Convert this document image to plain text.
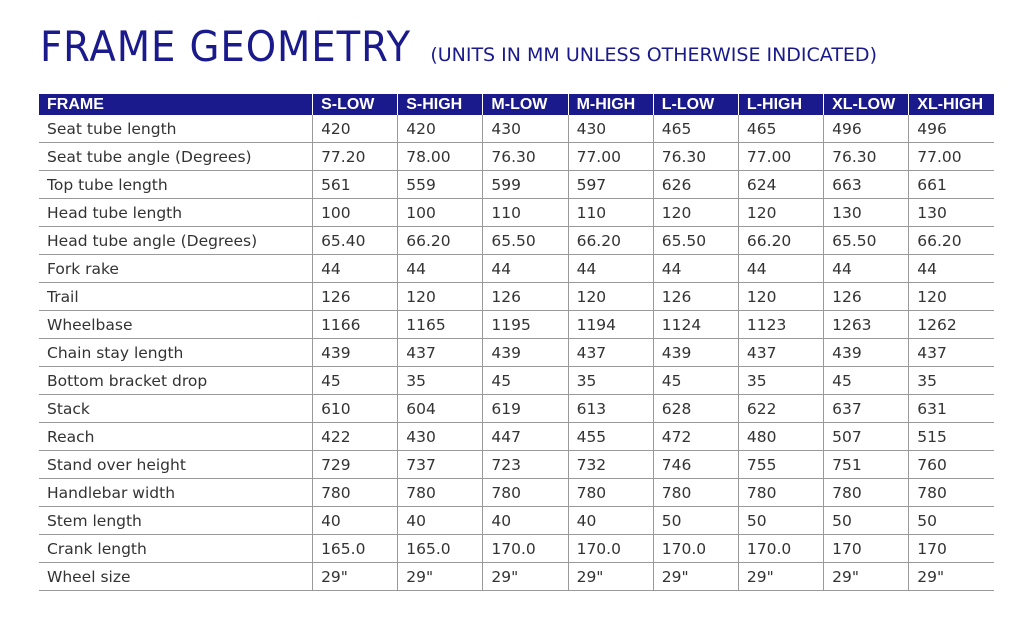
FRAME GEOMETRY (UNITS IN MM UNLESS OTHERWISE INDICATED)
FRAME	S-LOW	S-HIGH	M-LOW	M-HIGH	L-LOW	L-HIGH	XL-LOW	XL-HIGH
Seat tube length	420	420	430	430	465	465	496	496
Seat tube angle (Degrees)	77.20	78.00	76.30	77.00	76.30	77.00	76.30	77.00
Top tube length	561	559	599	597	626	624	663	661
Head tube length	100	100	110	110	120	120	130	130
Head tube angle (Degrees)	65.40	66.20	65.50	66.20	65.50	66.20	65.50	66.20
Fork rake	44	44	44	44	44	44	44	44
Trail	126	120	126	120	126	120	126	120
Wheelbase	1166	1165	1195	1194	1124	1123	1263	1262
Chain stay length	439	437	439	437	439	437	439	437
Bottom bracket drop	45	35	45	35	45	35	45	35
Stack	610	604	619	613	628	622	637	631
Reach	422	430	447	455	472	480	507	515
Stand over height	729	737	723	732	746	755	751	760
Handlebar width	780	780	780	780	780	780	780	780
Stem length	40	40	40	40	50	50	50	50
Crank length	165.0	165.0	170.0	170.0	170.0	170.0	170	170
Wheel size	29"	29"	29"	29"	29"	29"	29"	29"
